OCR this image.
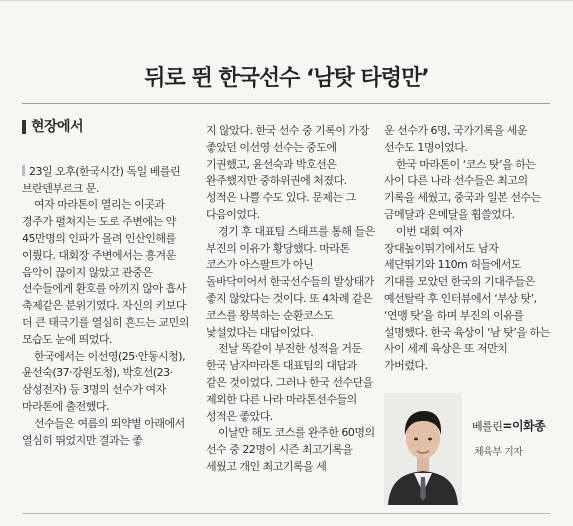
뒤로 뛴 한국선수 ‘남탓 타령만’
현장에서

23일 오후(한국시간) 독일 베를린 브란덴부르크 문.

여자 마라톤이 열리는 이곳과 경주가 펼쳐지는 도로 주변에는 약 45만명의 인파가 몰려 인산인해를 이뤘다. 대회장 주변에서는 흥겨운 음악이 끊이지 않았고 관중은 선수들에게 환호를 아끼지 않아 흡사 축제같은 분위기였다. 자신의 키보다 더 큰 태극기를 열심히 흔드는 교민의 모습도 눈에 띄었다.

한국에서는 이선영(25·안동시청), 윤선숙(37·강원도청), 박호선(23·삼성전자) 등 3명의 선수가 여자 마라톤에 출전했다.

선수들은 여름의 뙤약볕 아래에서 열심히 뛰었지만 결과는 좋

지 않았다. 한국 선수 중 기록이 가장 좋았던 이선영 선수는 중도에 기권했고, 윤선숙과 박호선은 완주했지만 중하위권에 처졌다. 성적은 나쁠 수도 있다. 문제는 그 다음이었다.

경기 후 대표팀 스태프를 통해 들은 부진의 이유가 황당했다. 마라톤 코스가 아스팔트가 아닌 돌바닥이어서 한국선수들의 발상태가 좋지 않았다는 것이다. 또 4차례 같은 코스를 왕복하는 순환코스도 낯설었다는 대답이었다.

전날 똑같이 부진한 성적을 거둔 한국 남자마라톤 대표팀의 대답과 같은 것이었다. 그러나 한국 선수단을 제외한 다른 나라 마라톤선수들의 성적은 좋았다.

이날만 해도 코스를 완주한 60명의 선수 중 22명이 시즌 최고기록을 세웠고 개인 최고기록을 세

운 선수가 6명, 국가기록을 세운 선수도 1명이었다.

한국 마라톤이 ‘코스 탓’을 하는 사이 다른 나라 선수들은 최고의 기록을 세웠고, 중국과 일본 선수는 금메달과 은메달을 휩쓸었다.

이번 대회 여자 장대높이뛰기에서도 남자 세단뛰기와 110m 허들에서도 기대를 모았던 한국의 기대주들은 예선탈락 후 인터뷰에서 ‘부상 탓’, ‘연맹 탓’을 하며 부진의 이유를 설명했다. 한국 육상이 ‘남 탓’을 하는 사이 세계 육상은 또 저만치 가버렸다.

베를린=이화종
체육부 기자
